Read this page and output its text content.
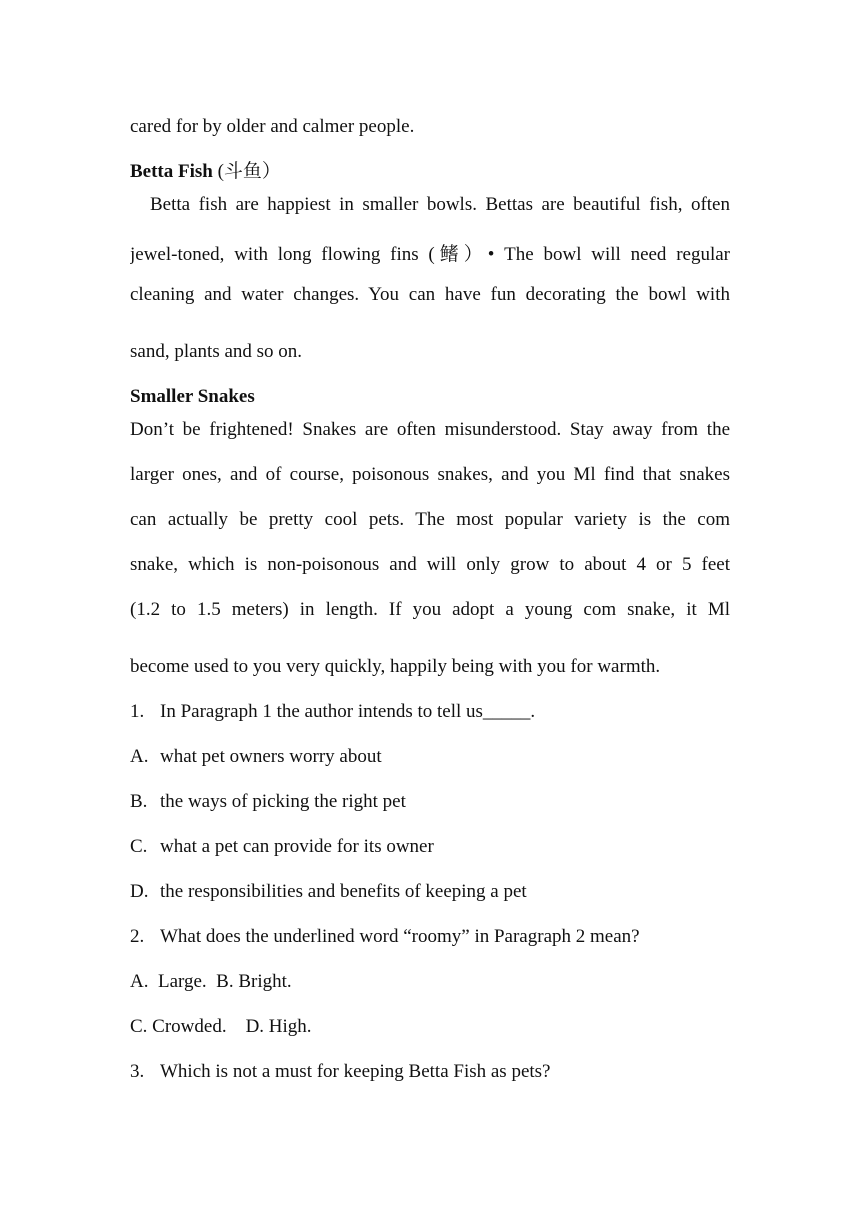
cared for by older and calmer people.
Betta Fish (斗鱼）
Betta fish are happiest in smaller bowls. Bettas are beautiful fish, often
jewel-toned, with long flowing fins (鳍）• The bowl will need regular
cleaning and water changes. You can have fun decorating the bowl with
sand, plants and so on.
Smaller Snakes
Don’t be frightened! Snakes are often misunderstood. Stay away from the
larger ones, and of course, poisonous snakes, and you Ml find that snakes
can actually be pretty cool pets. The most popular variety is the com
snake, which is non-poisonous and will only grow to about 4 or 5 feet
(1.2 to 1.5 meters) in length. If you adopt a young com snake, it Ml
become used to you very quickly, happily being with you for warmth.
1. In Paragraph 1 the author intends to tell us_____.
A. what pet owners worry about
B. the ways of picking the right pet
C. what a pet can provide for its owner
D. the responsibilities and benefits of keeping a pet
2. What does the underlined word “roomy” in Paragraph 2 mean?
A.  Large.  B. Bright.
C. Crowded.    D. High.
3. Which is not a must for keeping Betta Fish as pets?
